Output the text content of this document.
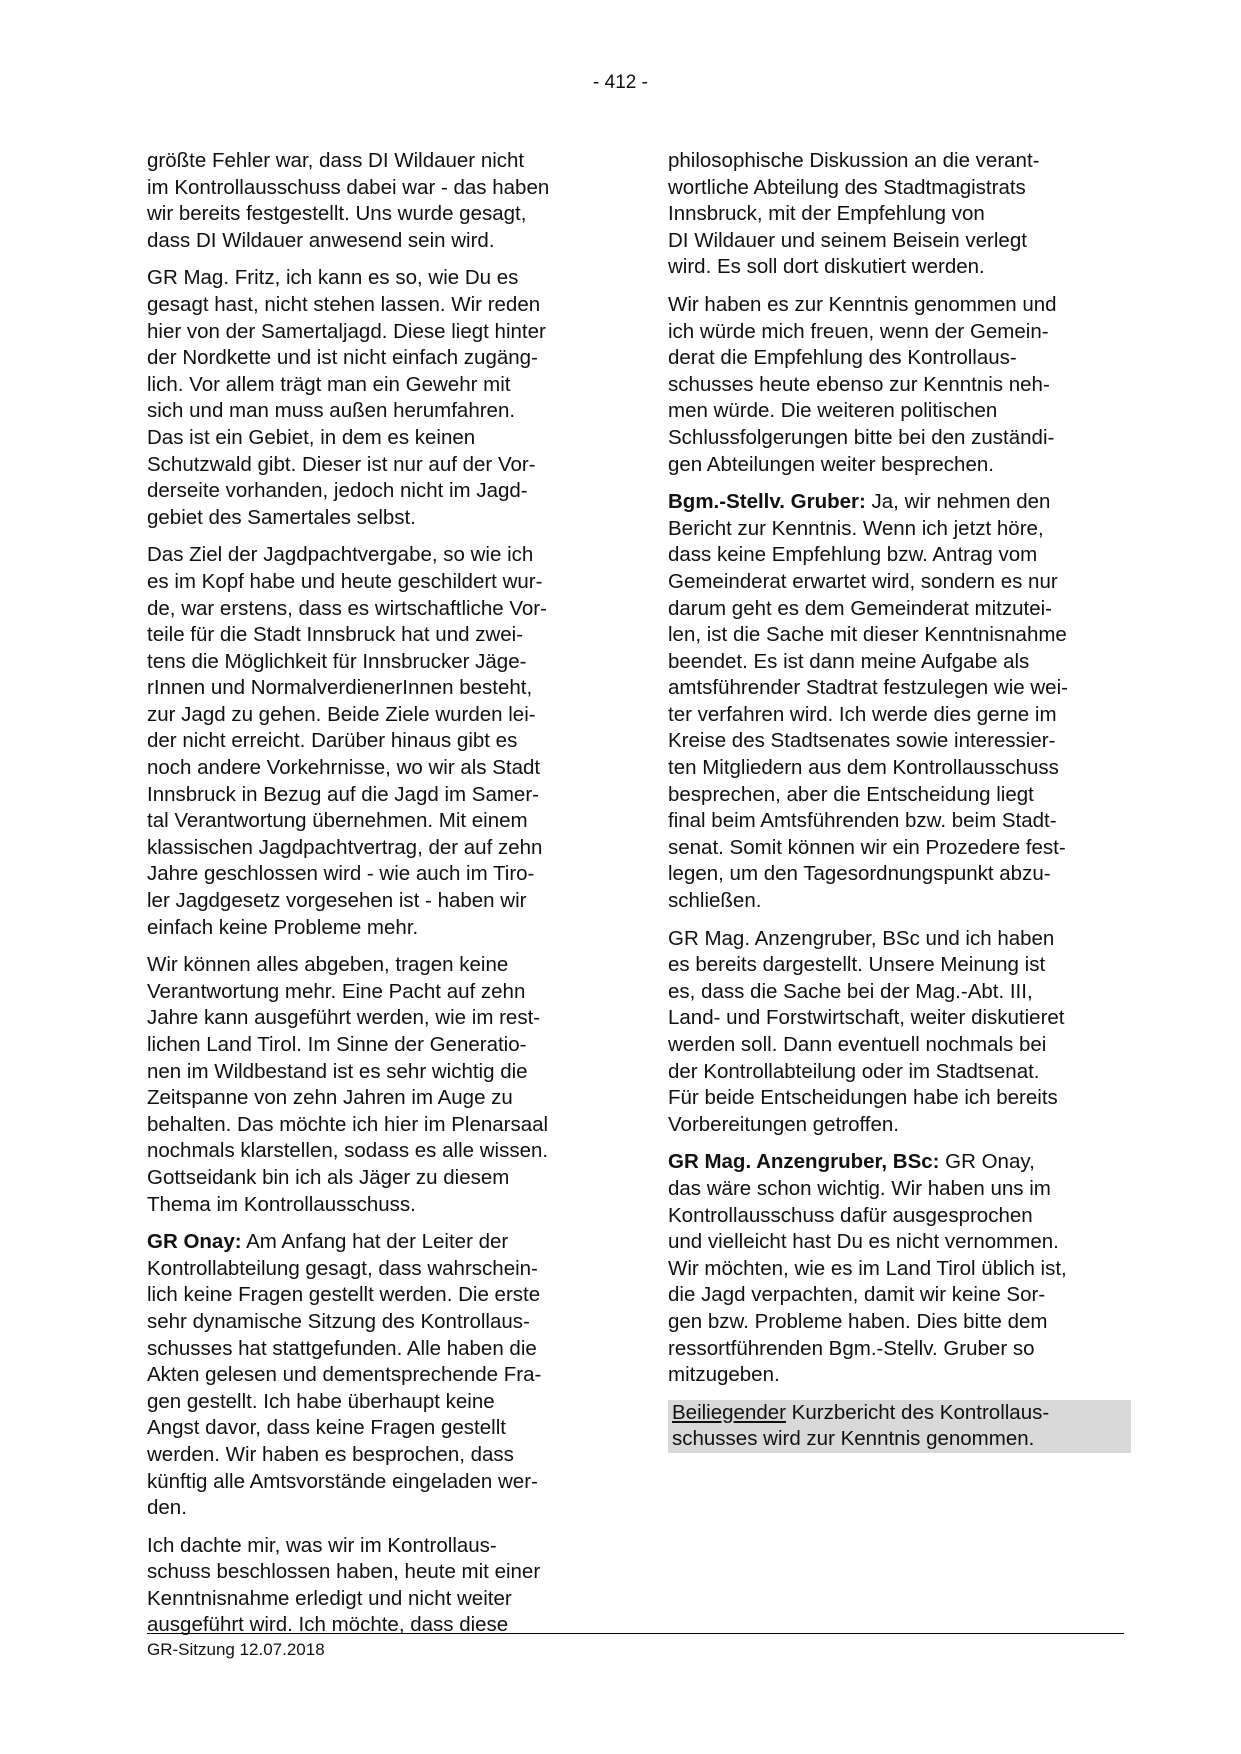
- 412 -

größte Fehler war, dass DI Wildauer nicht
im Kontrollausschuss dabei war - das haben
wir bereits festgestellt. Uns wurde gesagt,
dass DI Wildauer anwesend sein wird.

GR Mag. Fritz, ich kann es so, wie Du es
gesagt hast, nicht stehen lassen. Wir reden
hier von der Samertaljagd. Diese liegt hinter
der Nordkette und ist nicht einfach zugäng-
lich. Vor allem trägt man ein Gewehr mit
sich und man muss außen herumfahren.
Das ist ein Gebiet, in dem es keinen
Schutzwald gibt. Dieser ist nur auf der Vor-
derseite vorhanden, jedoch nicht im Jagd-
gebiet des Samertales selbst.

Das Ziel der Jagdpachtvergabe, so wie ich
es im Kopf habe und heute geschildert wur-
de, war erstens, dass es wirtschaftliche Vor-
teile für die Stadt Innsbruck hat und zwei-
tens die Möglichkeit für Innsbrucker Jäge-
rInnen und NormalverdienerInnen besteht,
zur Jagd zu gehen. Beide Ziele wurden lei-
der nicht erreicht. Darüber hinaus gibt es
noch andere Vorkehrnisse, wo wir als Stadt
Innsbruck in Bezug auf die Jagd im Samer-
tal Verantwortung übernehmen. Mit einem
klassischen Jagdpachtvertrag, der auf zehn
Jahre geschlossen wird - wie auch im Tiro-
ler Jagdgesetz vorgesehen ist - haben wir
einfach keine Probleme mehr.

Wir können alles abgeben, tragen keine
Verantwortung mehr. Eine Pacht auf zehn
Jahre kann ausgeführt werden, wie im rest-
lichen Land Tirol. Im Sinne der Generatio-
nen im Wildbestand ist es sehr wichtig die
Zeitspanne von zehn Jahren im Auge zu
behalten. Das möchte ich hier im Plenarsaal
nochmals klarstellen, sodass es alle wissen.
Gottseidank bin ich als Jäger zu diesem
Thema im Kontrollausschuss.

GR Onay: Am Anfang hat der Leiter der
Kontrollabteilung gesagt, dass wahrschein-
lich keine Fragen gestellt werden. Die erste
sehr dynamische Sitzung des Kontrollaus-
schusses hat stattgefunden. Alle haben die
Akten gelesen und dementsprechende Fra-
gen gestellt. Ich habe überhaupt keine
Angst davor, dass keine Fragen gestellt
werden. Wir haben es besprochen, dass
künftig alle Amtsvorstände eingeladen wer-
den.

Ich dachte mir, was wir im Kontrollaus-
schuss beschlossen haben, heute mit einer
Kenntnisnahme erledigt und nicht weiter
ausgeführt wird. Ich möchte, dass diese

philosophische Diskussion an die verant-
wortliche Abteilung des Stadtmagistrats
Innsbruck, mit der Empfehlung von
DI Wildauer und seinem Beisein verlegt
wird. Es soll dort diskutiert werden.

Wir haben es zur Kenntnis genommen und
ich würde mich freuen, wenn der Gemein-
derat die Empfehlung des Kontrollaus-
schusses heute ebenso zur Kenntnis neh-
men würde. Die weiteren politischen
Schlussfolgerungen bitte bei den zuständi-
gen Abteilungen weiter besprechen.

Bgm.-Stellv. Gruber: Ja, wir nehmen den
Bericht zur Kenntnis. Wenn ich jetzt höre,
dass keine Empfehlung bzw. Antrag vom
Gemeinderat erwartet wird, sondern es nur
darum geht es dem Gemeinderat mitzutei-
len, ist die Sache mit dieser Kenntnisnahme
beendet. Es ist dann meine Aufgabe als
amtsführender Stadtrat festzulegen wie wei-
ter verfahren wird. Ich werde dies gerne im
Kreise des Stadtsenates sowie interessier-
ten Mitgliedern aus dem Kontrollausschuss
besprechen, aber die Entscheidung liegt
final beim Amtsführenden bzw. beim Stadt-
senat. Somit können wir ein Prozedere fest-
legen, um den Tagesordnungspunkt abzu-
schließen.

GR Mag. Anzengruber, BSc und ich haben
es bereits dargestellt. Unsere Meinung ist
es, dass die Sache bei der Mag.-Abt. III,
Land- und Forstwirtschaft, weiter diskutieret
werden soll. Dann eventuell nochmals bei
der Kontrollabteilung oder im Stadtsenat.
Für beide Entscheidungen habe ich bereits
Vorbereitungen getroffen.

GR Mag. Anzengruber, BSc: GR Onay,
das wäre schon wichtig. Wir haben uns im
Kontrollausschuss dafür ausgesprochen
und vielleicht hast Du es nicht vernommen.
Wir möchten, wie es im Land Tirol üblich ist,
die Jagd verpachten, damit wir keine Sor-
gen bzw. Probleme haben. Dies bitte dem
ressortführenden Bgm.-Stellv. Gruber so
mitzugeben.

Beiliegender Kurzbericht des Kontrollaus-
schusses wird zur Kenntnis genommen.

GR-Sitzung 12.07.2018
